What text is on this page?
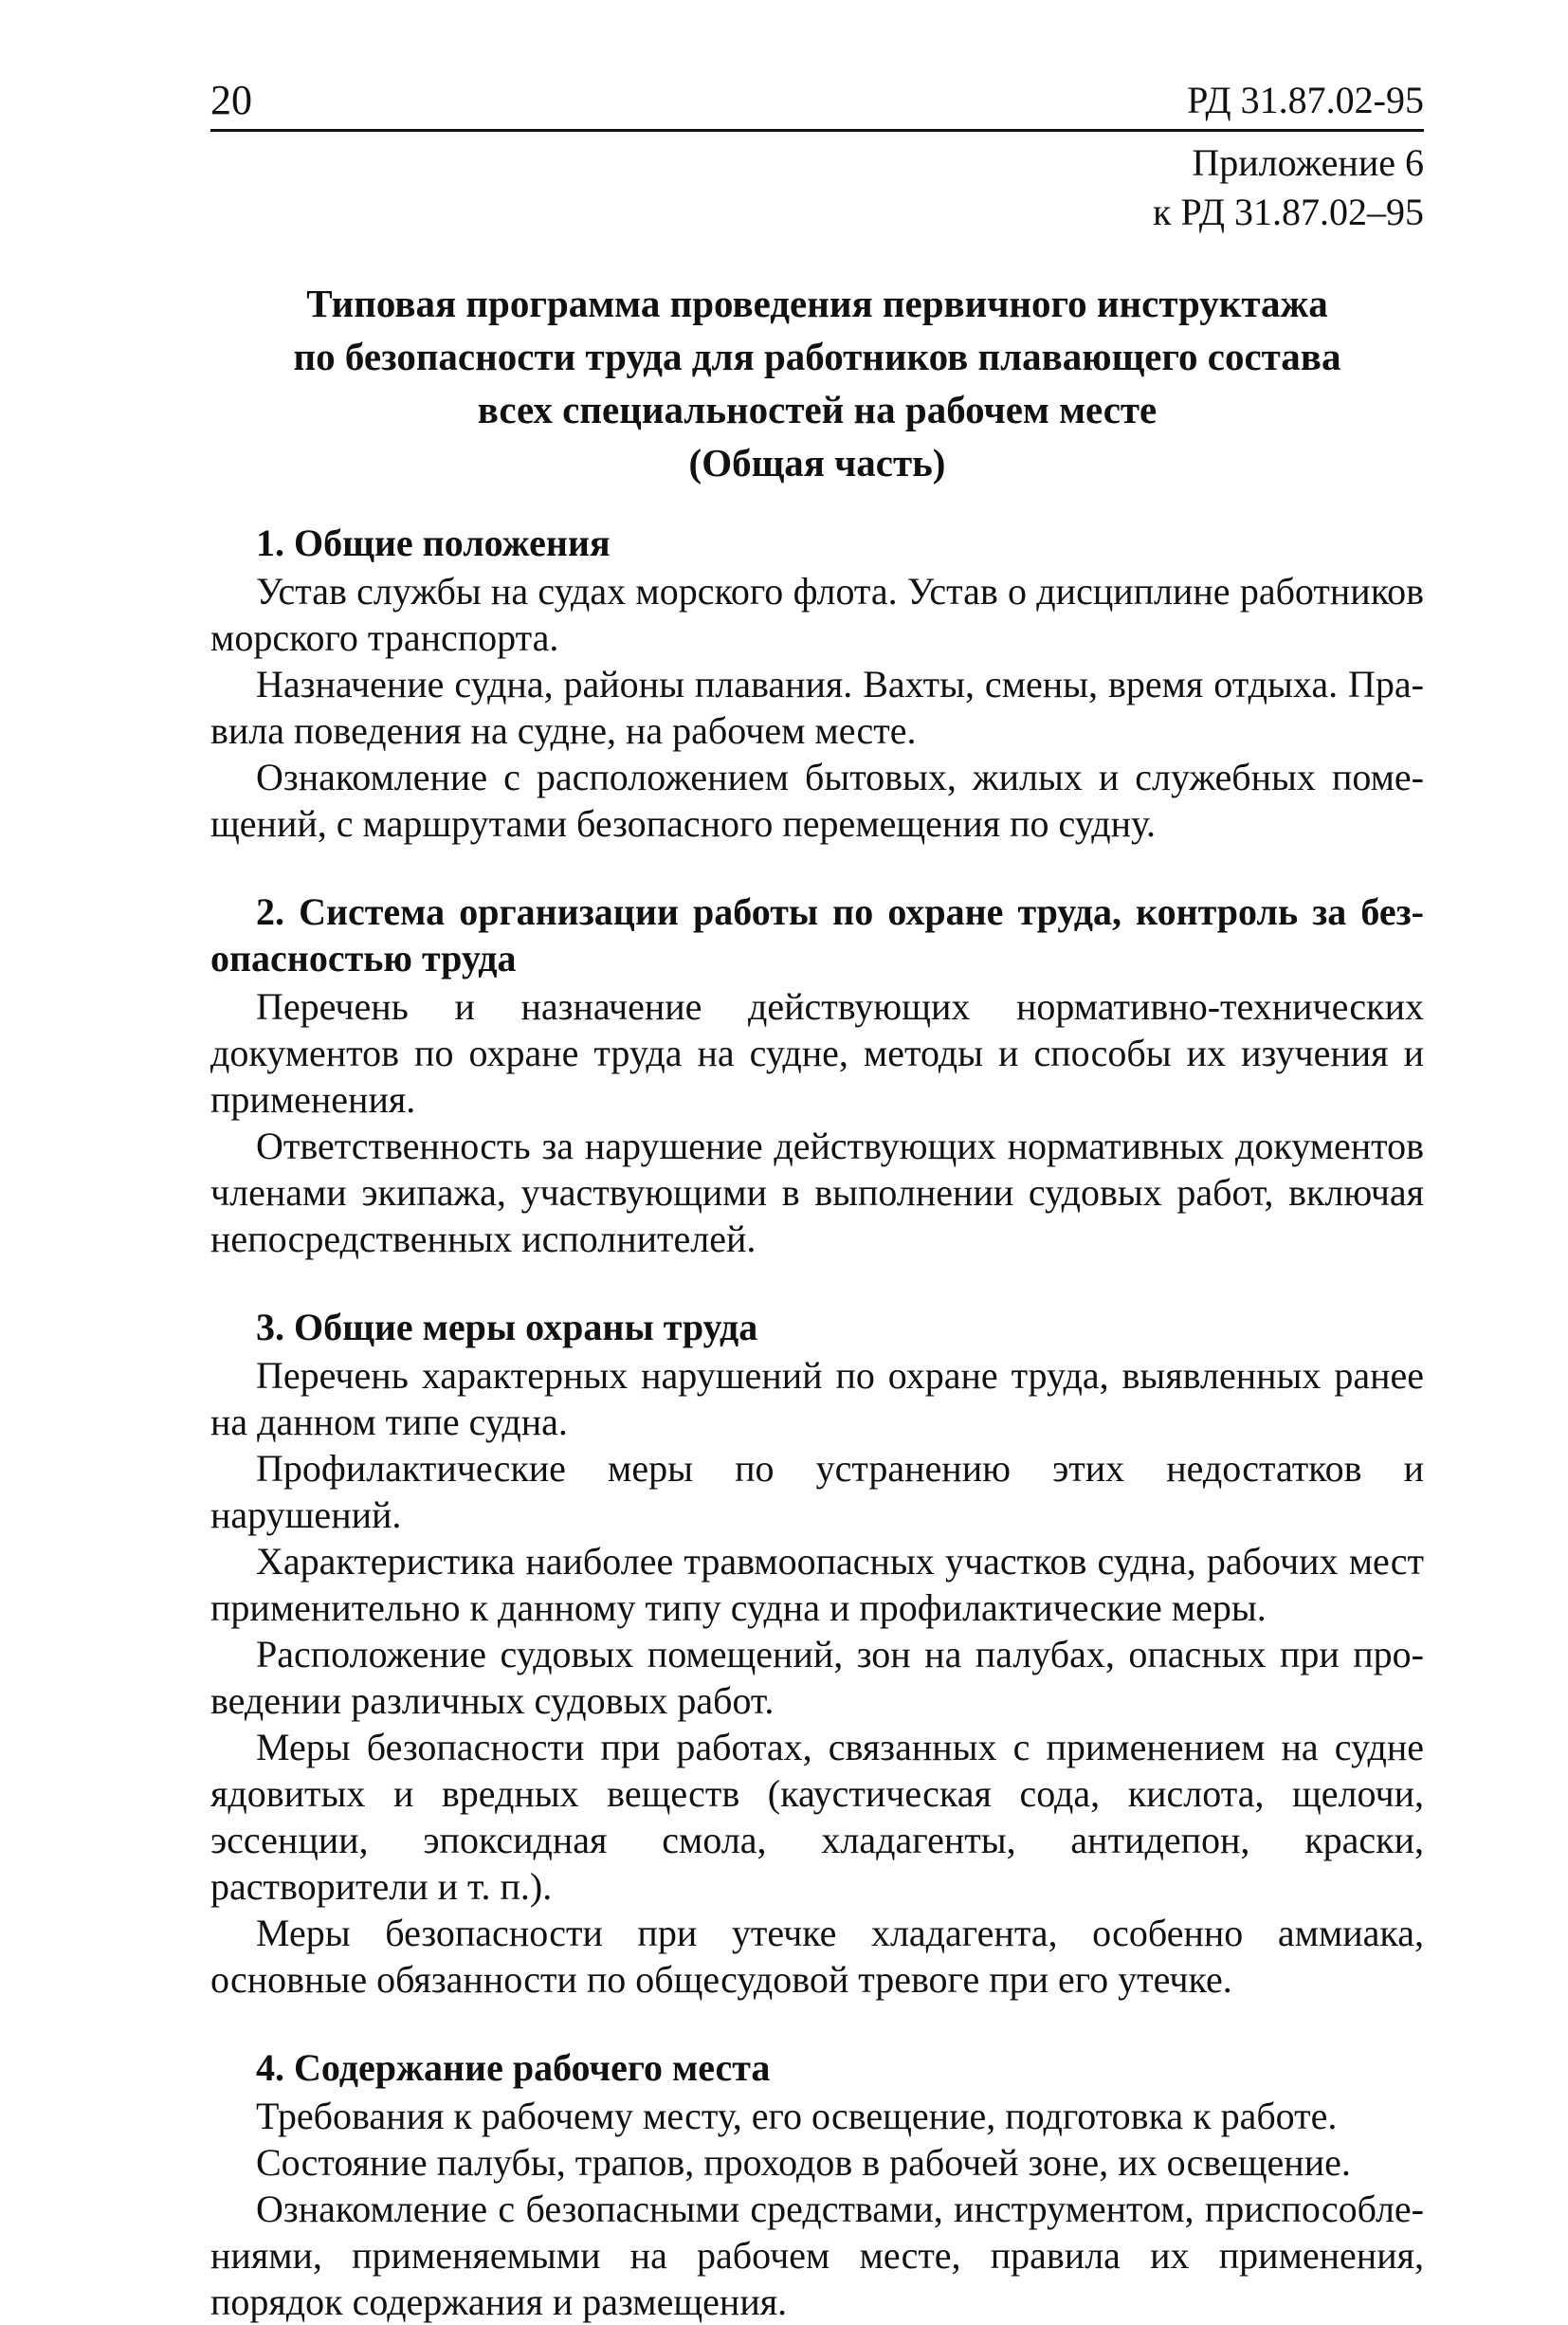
20	РД 31.87.02-95
Приложение 6
к РД 31.87.02–95
Типовая программа проведения первичного инструктажа
по безопасности труда для работников плавающего состава
всех специальностей на рабочем месте
(Общая часть)
1. Общие положения

Устав службы на судах морского флота. Устав о дисциплине работников морского транспорта.

Назначение судна, районы плавания. Вахты, смены, время отдыха. Правила поведения на судне, на рабочем месте.

Ознакомление с расположением бытовых, жилых и служебных помещений, с маршрутами безопасного перемещения по судну.

2. Система организации работы по охране труда, контроль за безопасностью труда

Перечень и назначение действующих нормативно-технических документов по охране труда на судне, методы и способы их изучения и применения.

Ответственность за нарушение действующих нормативных документов членами экипажа, участвующими в выполнении судовых работ, включая непосредственных исполнителей.

3. Общие меры охраны труда

Перечень характерных нарушений по охране труда, выявленных ранее на данном типе судна.

Профилактические меры по устранению этих недостатков и нарушений.

Характеристика наиболее травмоопасных участков судна, рабочих мест применительно к данному типу судна и профилактические меры.

Расположение судовых помещений, зон на палубах, опасных при проведении различных судовых работ.

Меры безопасности при работах, связанных с применением на судне ядовитых и вредных веществ (каустическая сода, кислота, щелочи, эссенции, эпоксидная смола, хладагенты, антидепон, краски, растворители и т. п.).

Меры безопасности при утечке хладагента, особенно аммиака, основные обязанности по общесудовой тревоге при его утечке.

4. Содержание рабочего места

Требования к рабочему месту, его освещение, подготовка к работе.

Состояние палубы, трапов, проходов в рабочей зоне, их освещение.

Ознакомление с безопасными средствами, инструментом, приспособлениями, применяемыми на рабочем месте, правила их применения, порядок содержания и размещения.
